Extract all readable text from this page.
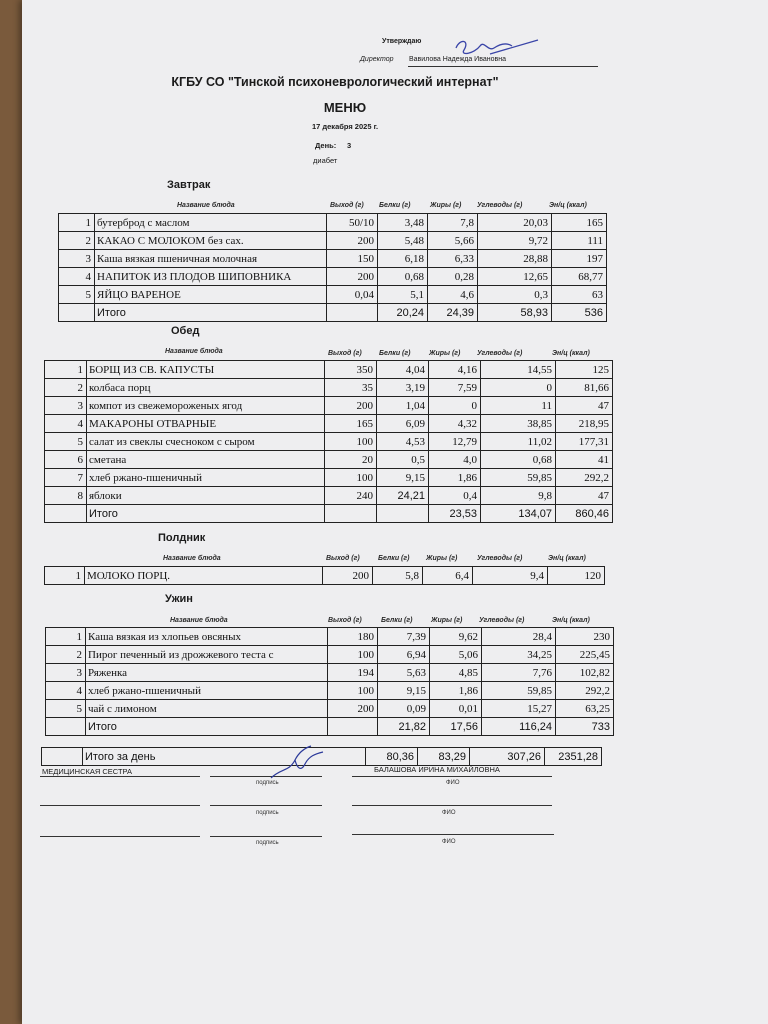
Утверждаю
Директор Вавилова Надежда Ивановна
КГБУ СО "Тинской психоневрологический интернат"
МЕНЮ
17 декабря 2025 г.
День: 3
диабет
Завтрак
Название блюда	Выход (г) Белки (г)	Жиры (г) Углеводы (г)	Эн/ц (ккал)
1	бутерброд с маслом	50/10	3,48	7,8	20,03	165
2	КАКАО С МОЛОКОМ без сах.	200	5,48	5,66	9,72	111
3	Каша вязкая пшеничная молочная	150	6,18	6,33	28,88	197
4	НАПИТОК ИЗ ПЛОДОВ ШИПОВНИКА	200	0,68	0,28	12,65	68,77
5	ЯЙЦО ВАРЕНОЕ	0,04	5,1	4,6	0,3	63
	Итого		20,24	24,39	58,93	536
Обед
Название блюда	Выход (г) Белки (г)	Жиры (г) Углеводы (г)	Эн/ц (ккал)
1	БОРЩ ИЗ СВ. КАПУСТЫ	350	4,04	4,16	14,55	125
2	колбаса порц	35	3,19	7,59	0	81,66
3	компот из свежемороженых ягод	200	1,04	0	11	47
4	МАКАРОНЫ ОТВАРНЫЕ	165	6,09	4,32	38,85	218,95
5	салат из свеклы счесноком с сыром	100	4,53	12,79	11,02	177,31
6	сметана	20	0,5	4,0	0,68	41
7	хлеб ржано-пшеничный	100	9,15	1,86	59,85	292,2
8	яблоки	240	24,21	0,4	9,8	47
	Итого			23,53	134,07	860,46
Полдник
Название блюда	Выход (г)	Белки (г) Жиры (г)	Углеводы (г)	Эн/ц (ккал)
1	МОЛОКО ПОРЦ.	200	5,8	6,4	9,4	120
Ужин
Название блюда	Выход (г)	Белки (г)	Жиры (г) Углеводы (г)	Эн/ц (ккал)
1	Каша вязкая из хлопьев овсяных	180	7,39	9,62	28,4	230
2	Пирог печенный из дрожжевого теста с	100	6,94	5,06	34,25	225,45
3	Ряженка	194	5,63	4,85	7,76	102,82
4	хлеб ржано-пшеничный	100	9,15	1,86	59,85	292,2
5	чай с лимоном	200	0,09	0,01	15,27	63,25
	Итого		21,82	17,56	116,24	733
	Итого за день	80,36	83,29	307,26	2351,28
МЕДИЦИНСКАЯ СЕСТРА
подпись
БАЛАШОВА ИРИНА МИХАЙЛОВНА
ФИО
подпись	ФИО
подпись	ФИО
